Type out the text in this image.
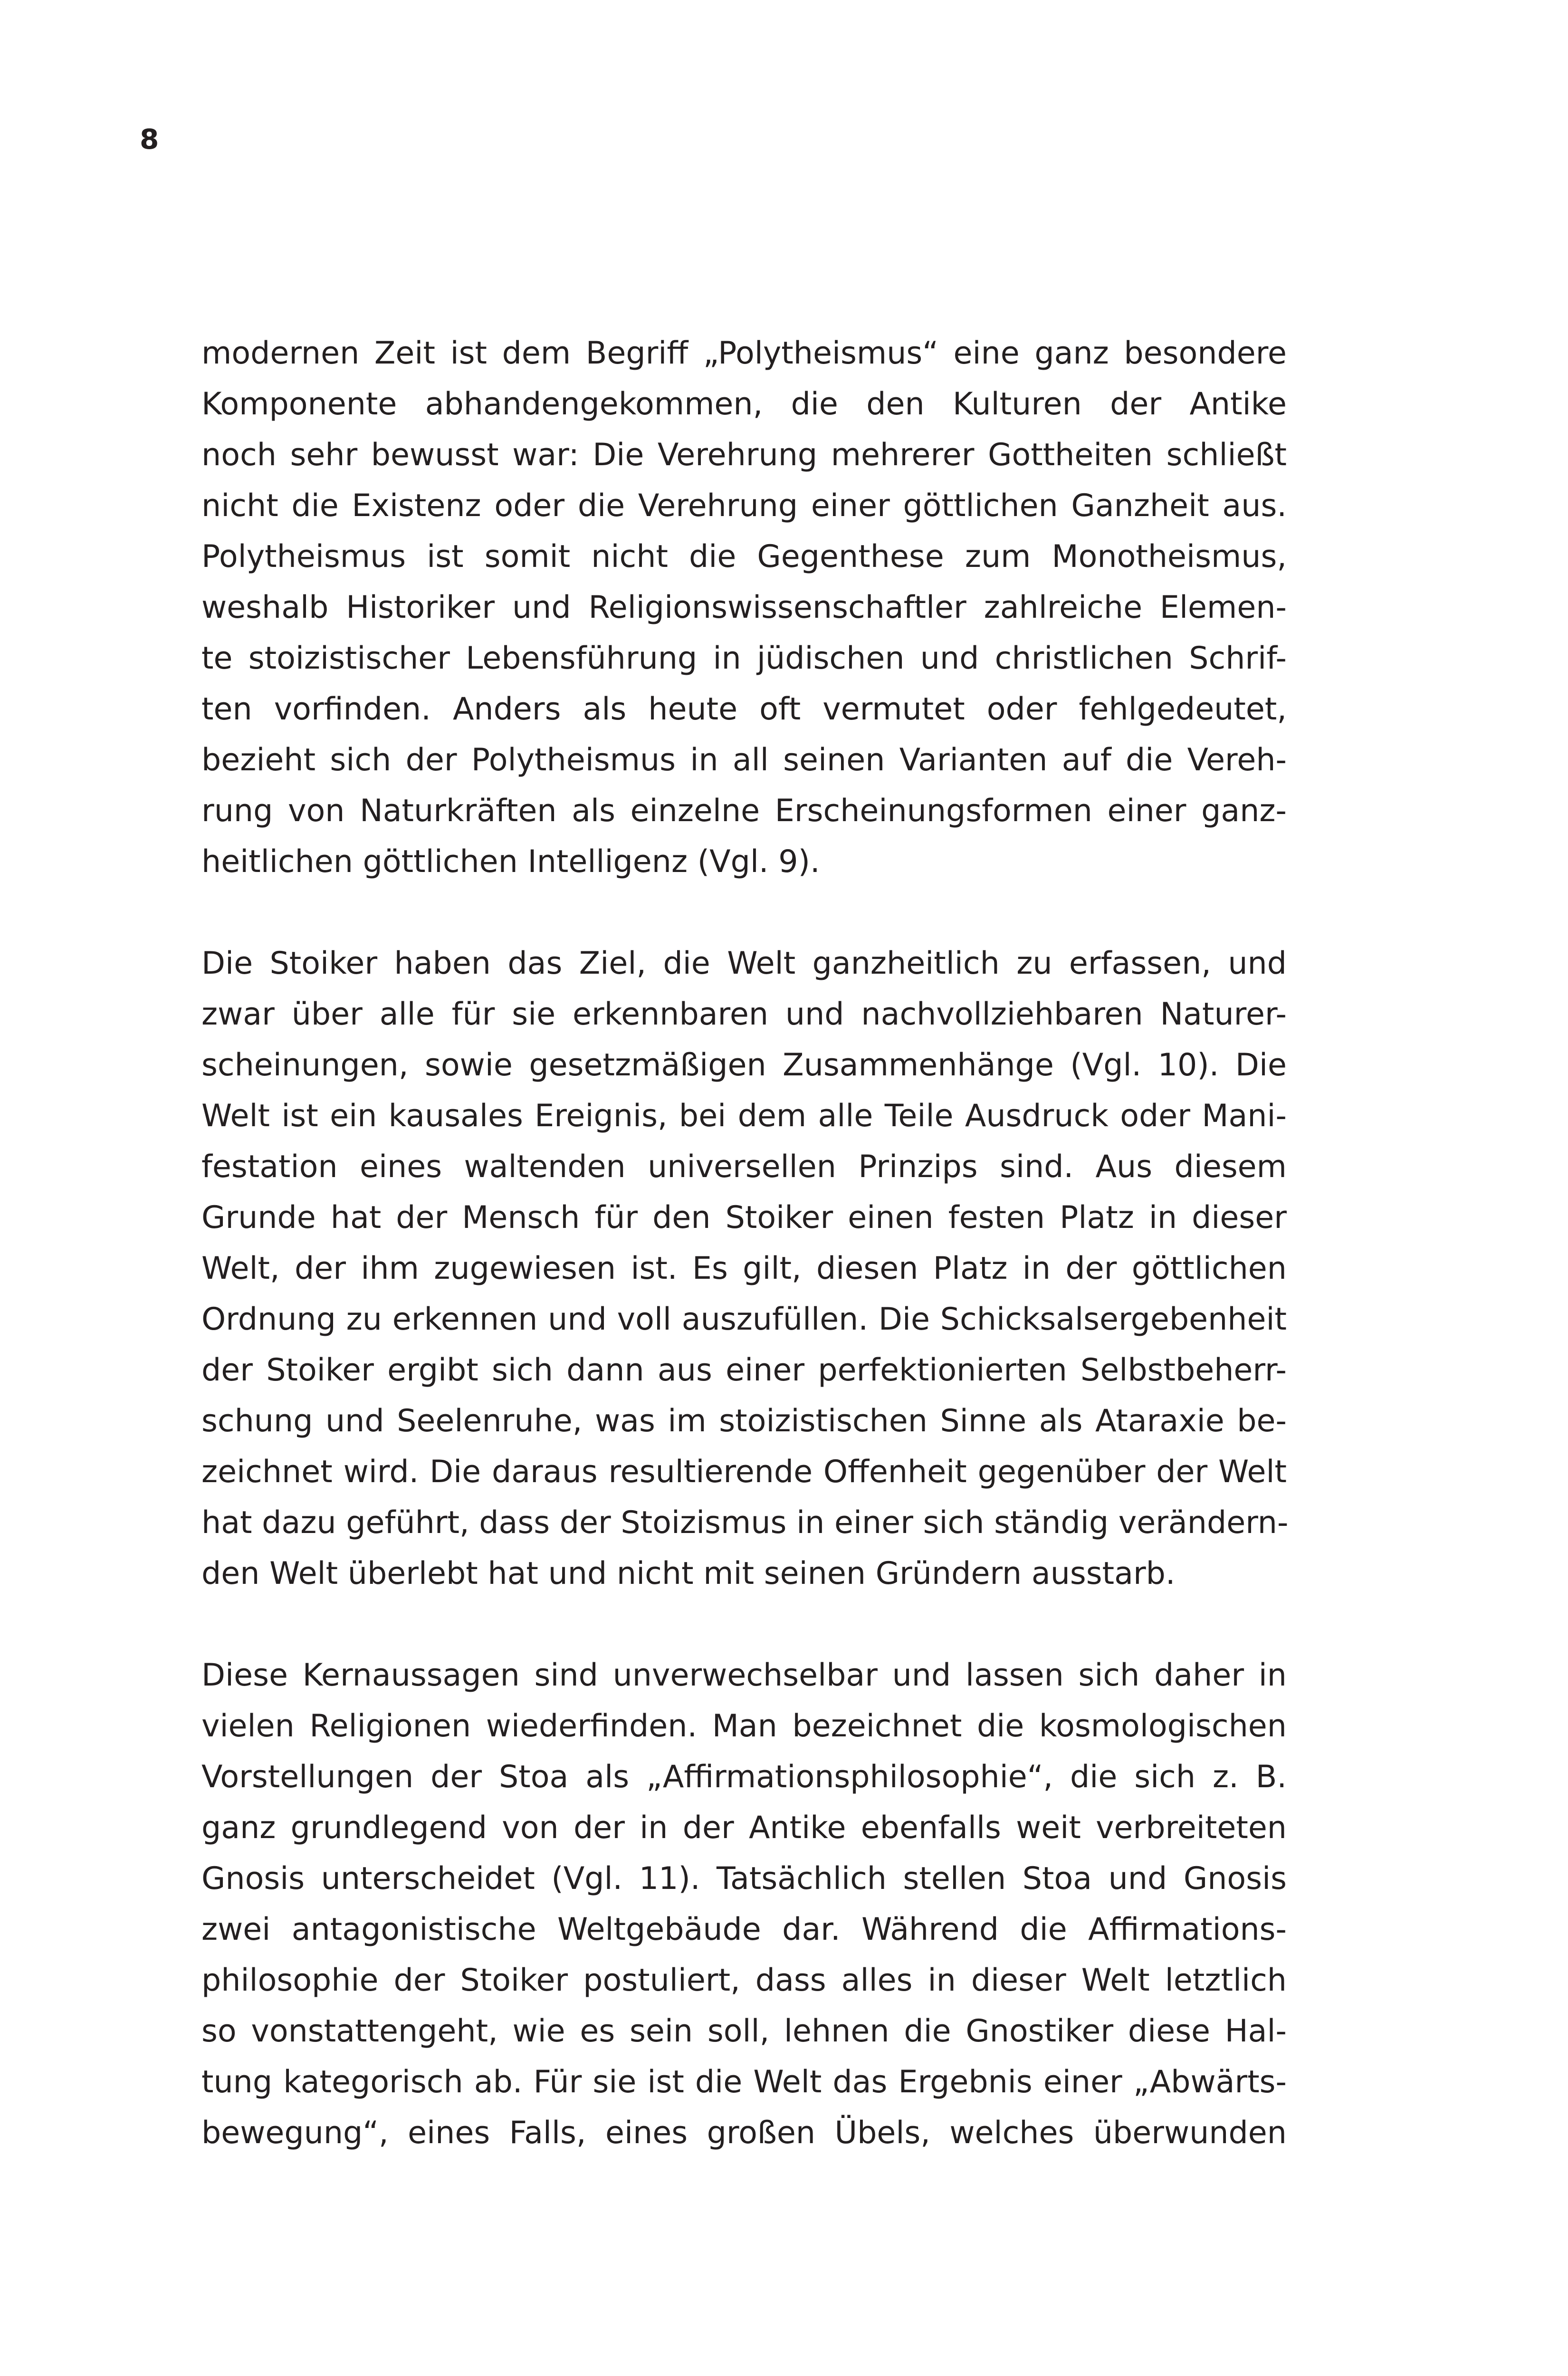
8
modernen Zeit ist dem Begriff „Polytheismus“ eine ganz besondere
Komponente abhandengekommen, die den Kulturen der Antike
noch sehr bewusst war: Die Verehrung mehrerer Gottheiten schließt
nicht die Existenz oder die Verehrung einer göttlichen Ganzheit aus.
Polytheismus ist somit nicht die Gegenthese zum Monotheismus,
weshalb Historiker und Religionswissenschaftler zahlreiche Elemen-
te stoizistischer Lebensführung in jüdischen und christlichen Schrif-
ten vorfinden. Anders als heute oft vermutet oder fehlgedeutet,
bezieht sich der Polytheismus in all seinen Varianten auf die Vereh-
rung von Naturkräften als einzelne Erscheinungsformen einer ganz-
heitlichen göttlichen Intelligenz (Vgl. 9).
Die Stoiker haben das Ziel, die Welt ganzheitlich zu erfassen, und
zwar über alle für sie erkennbaren und nachvollziehbaren Naturer-
scheinungen, sowie gesetzmäßigen Zusammenhänge (Vgl. 10). Die
Welt ist ein kausales Ereignis, bei dem alle Teile Ausdruck oder Mani-
festation eines waltenden universellen Prinzips sind. Aus diesem
Grunde hat der Mensch für den Stoiker einen festen Platz in dieser
Welt, der ihm zugewiesen ist. Es gilt, diesen Platz in der göttlichen
Ordnung zu erkennen und voll auszufüllen. Die Schicksalsergebenheit
der Stoiker ergibt sich dann aus einer perfektionierten Selbstbeherr-
schung und Seelenruhe, was im stoizistischen Sinne als Ataraxie be-
zeichnet wird. Die daraus resultierende Offenheit gegenüber der Welt
hat dazu geführt, dass der Stoizismus in einer sich ständig verändern-
den Welt überlebt hat und nicht mit seinen Gründern ausstarb.
Diese Kernaussagen sind unverwechselbar und lassen sich daher in
vielen Religionen wiederfinden. Man bezeichnet die kosmologischen
Vorstellungen der Stoa als „Affirmationsphilosophie“, die sich z. B.
ganz grundlegend von der in der Antike ebenfalls weit verbreiteten
Gnosis unterscheidet (Vgl. 11). Tatsächlich stellen Stoa und Gnosis
zwei antagonistische Weltgebäude dar. Während die Affirmations-
philosophie der Stoiker postuliert, dass alles in dieser Welt letztlich
so vonstattengeht, wie es sein soll, lehnen die Gnostiker diese Hal-
tung kategorisch ab. Für sie ist die Welt das Ergebnis einer „Abwärts-
bewegung“, eines Falls, eines großen Übels, welches überwunden
